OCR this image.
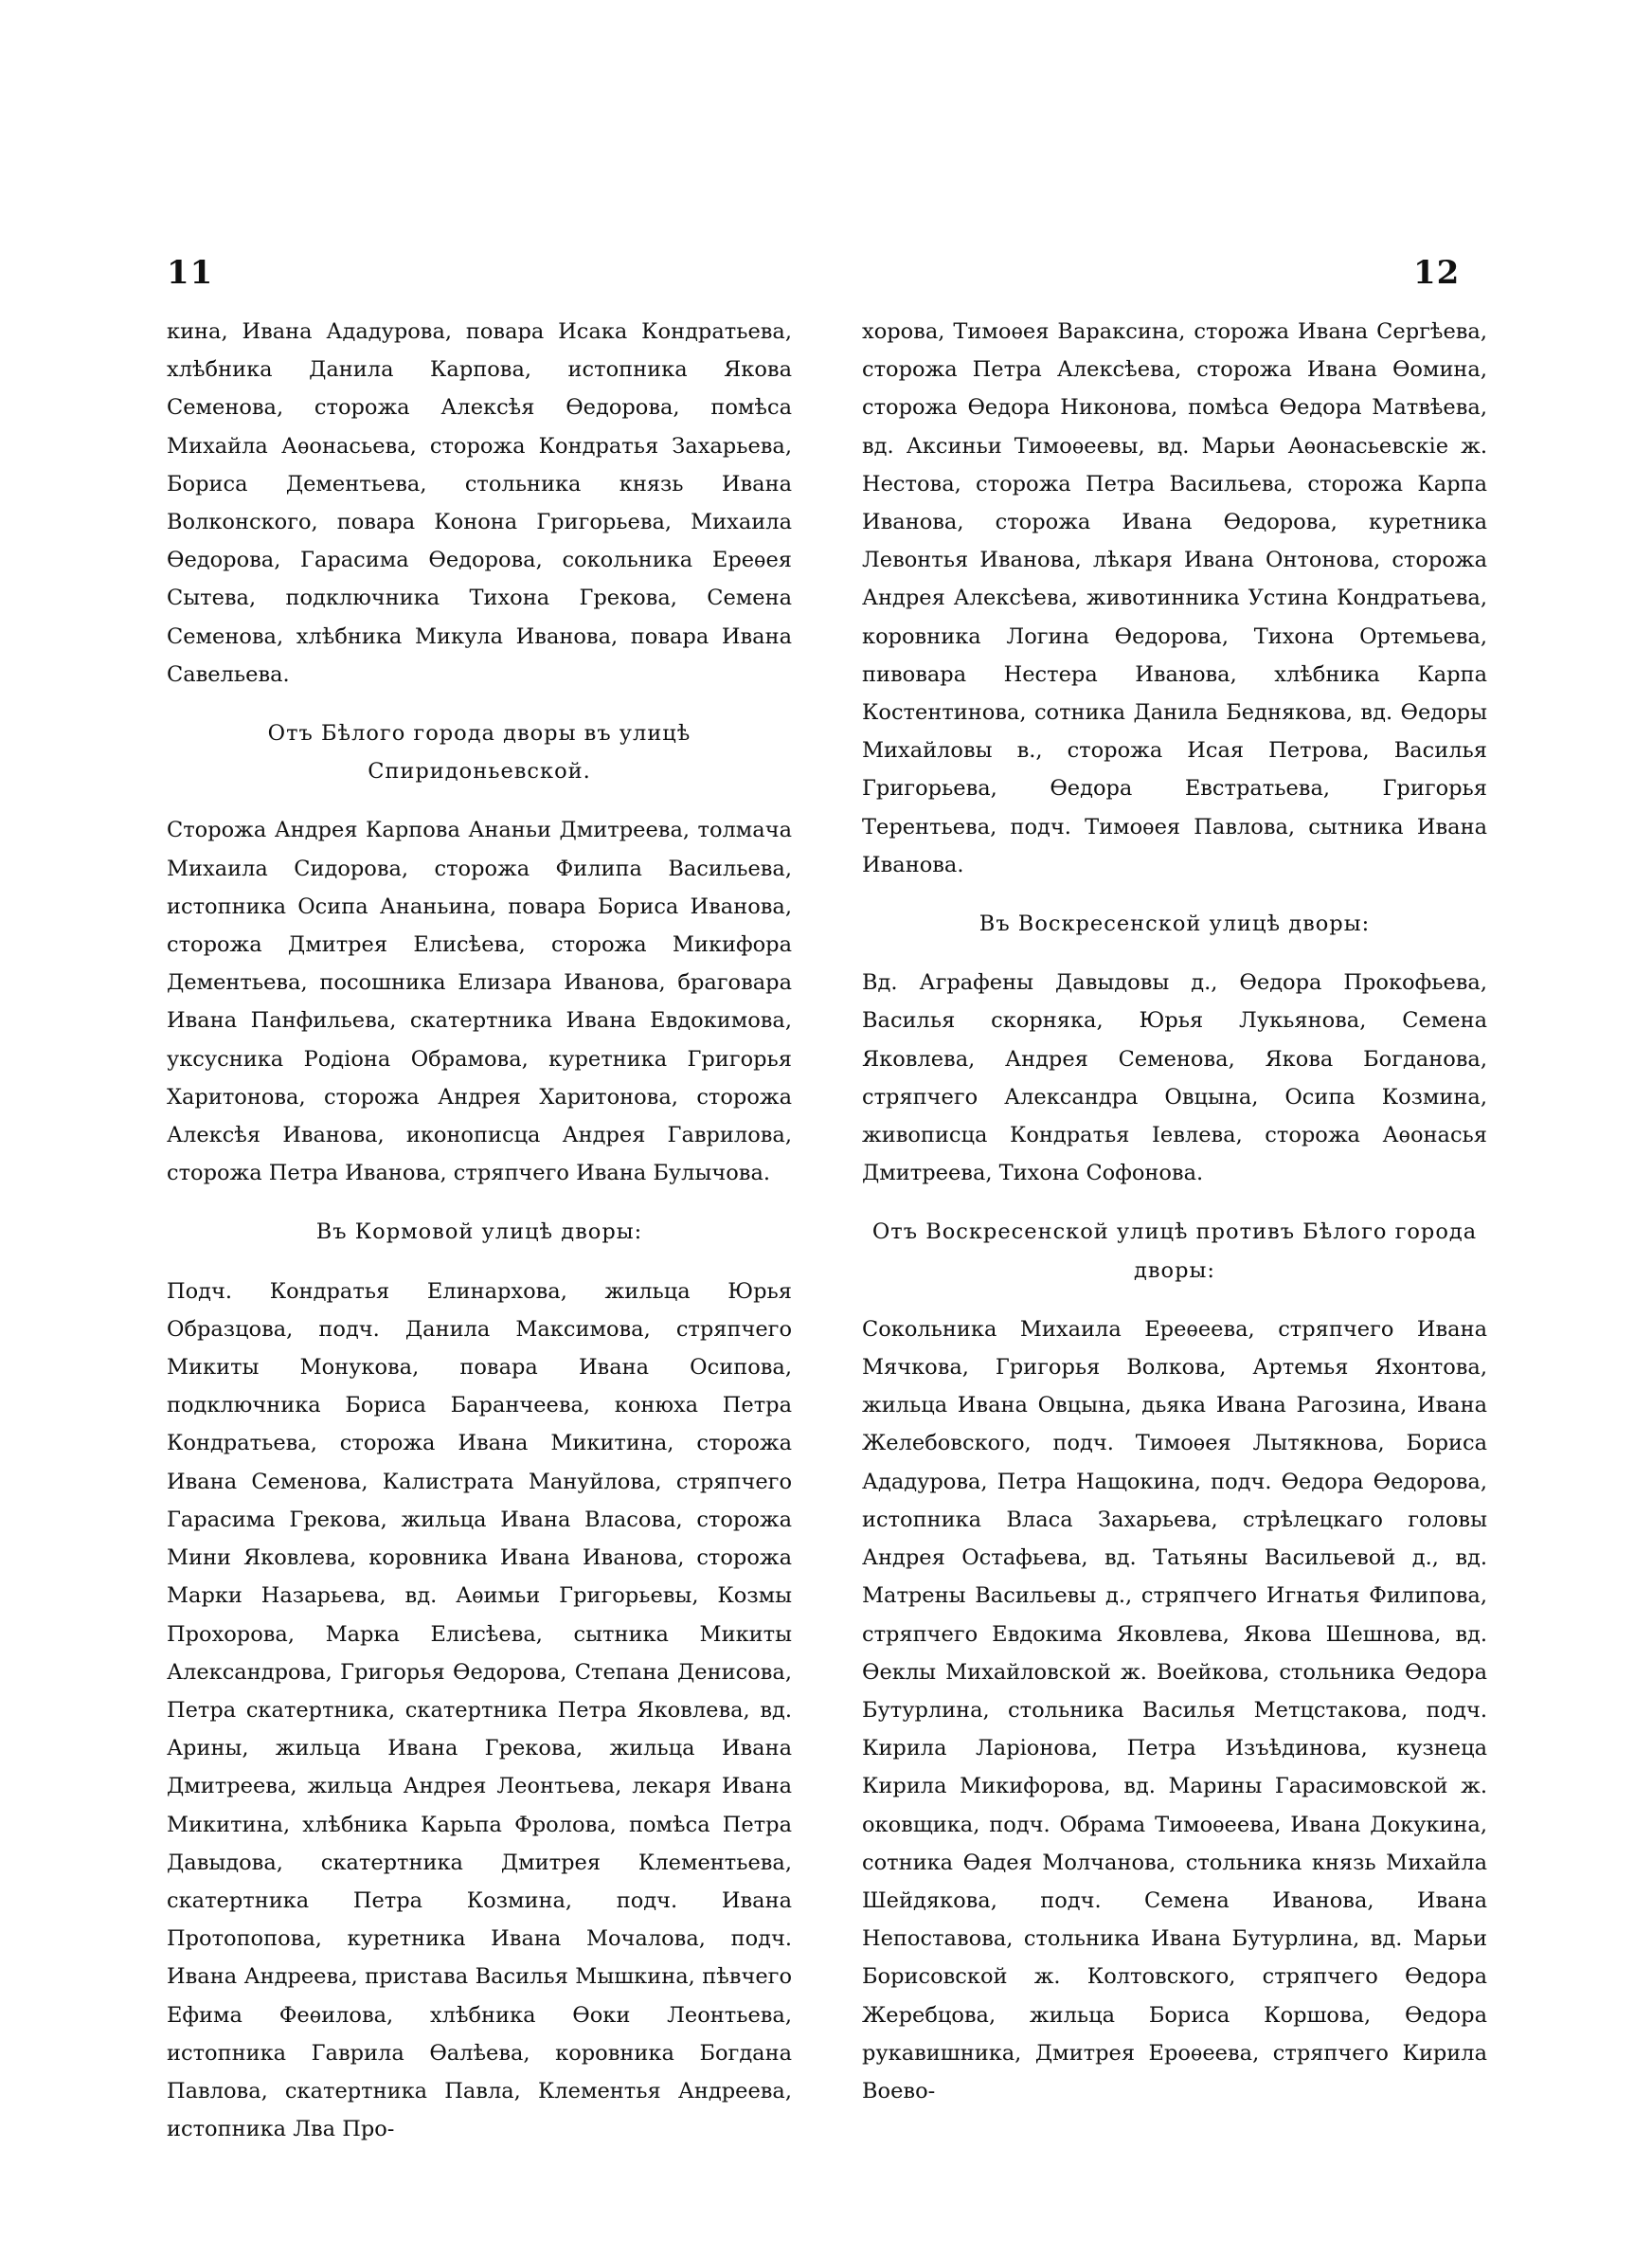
11	12

кина, Ивана Ададурова, повара Исака Кондратьева, хлѣбника Данила Карпова, истопника Якова Семенова, сторожа Алексѣя Ѳедорова, помѣса Михайла Аѳонасьева, сторожа Кондратья Захарьева, Бориса Дементьева, стольника князь Ивана Волконского, повара Конона Григорьева, Михаила Ѳедорова, Гарасима Ѳедорова, сокольника Ереѳея Сытева, подключника Тихона Грекова, Семена Семенова, хлѣбника Микула Иванова, повара Ивана Савельева.

Отъ Бѣлого города дворы въ улицѣ Спиридоньевской.

Сторожа Андрея Карпова Ананьи Дмитреева, толмача Михаила Сидорова, сторожа Филипа Васильева, истопника Осипа Ананьина, повара Бориса Иванова, сторожа Дмитрея Елисѣева, сторожа Микифора Дементьева, посошника Елизара Иванова, браговара Ивана Панфильева, скатертника Ивана Евдокимова, уксусника Родіона Обрамова, куретника Григорья Харитонова, сторожа Андрея Харитонова, сторожа Алексѣя Иванова, иконописца Андрея Гаврилова, сторожа Петра Иванова, стряпчего Ивана Булычова.

Въ Кормовой улицѣ дворы:

Подч. Кондратья Елинархова, жильца Юрья Образцова, подч. Данила Максимова, стряпчего Микиты Монукова, повара Ивана Осипова, подключника Бориса Баранчеева, конюха Петра Кондратьева, сторожа Ивана Микитина, сторожа Ивана Семенова, Калистрата Мануйлова, стряпчего Гарасима Грекова, жильца Ивана Власова, сторожа Мини Яковлева, коровника Ивана Иванова, сторожа Марки Назарьева, вд. Аѳимьи Григорьевы, Козмы Прохорова, Марка Елисѣева, сытника Микиты Александрова, Григорья Ѳедорова, Степана Денисова, Петра скатертника, скатертника Петра Яковлева, вд. Арины, жильца Ивана Грекова, жильца Ивана Дмитреева, жильца Андрея Леонтьева, лекаря Ивана Микитина, хлѣбника Карьпа Фролова, помѣса Петра Давыдова, скатертника Дмитрея Клементьева, скатертника Петра Козмина, подч. Ивана Протопопова, куретника Ивана Мочалова, подч. Ивана Андреева, пристава Василья Мышкина, пѣвчего Ефима Феѳилова, хлѣбника Ѳоки Леонтьева, истопника Гаврила Ѳалѣева, коровника Богдана Павлова, скатертника Павла, Клементья Андреева, истопника Лва Про-

хорова, Тимоѳея Вараксина, сторожа Ивана Сергѣева, сторожа Петра Алексѣева, сторожа Ивана Ѳомина, сторожа Ѳедора Никонова, помѣса Ѳедора Матвѣева, вд. Аксиньи Тимоѳеевы, вд. Марьи Аѳонасьевскіе ж. Нестова, сторожа Петра Васильева, сторожа Карпа Иванова, сторожа Ивана Ѳедорова, куретника Левонтья Иванова, лѣкаря Ивана Онтонова, сторожа Андрея Алексѣева, животинника Устина Кондратьева, коровника Логина Ѳедорова, Тихона Ортемьева, пивовара Нестера Иванова, хлѣбника Карпа Костентинова, сотника Данила Бедняковa, вд. Ѳедоры Михайловы в., сторожа Исая Петрова, Василья Григорьева, Ѳедора Евстратьева, Григорья Терентьева, подч. Тимоѳея Павлова, сытника Ивана Иванова.

Въ Воскресенской улицѣ дворы:

Вд. Аграфены Давыдовы д., Ѳедора Прокофьева, Василья скорняка, Юрья Лукьянова, Семена Яковлева, Андрея Семенова, Якова Богданова, стряпчего Александра Овцына, Осипа Козмина, живописца Кондратья Іевлева, сторожа Аѳонасья Дмитреева, Тихона Софонова.

Отъ Воскресенской улицѣ противъ Бѣлого города дворы:

Сокольника Михаила Ереѳеева, стряпчего Ивана Мячкова, Григорья Волкова, Артемья Яхонтова, жильца Ивана Овцына, дьяка Ивана Рагозина, Ивана Желебовского, подч. Тимоѳея Лытякнова, Бориса Ададурова, Петра Нащокина, подч. Ѳедора Ѳедорова, истопника Власа Захарьева, стрѣлецкаго головы Андрея Остафьева, вд. Татьяны Васильевой д., вд. Матрены Васильевы д., стряпчего Игнатья Филипова, стряпчего Евдокима Яковлева, Якова Шешнова, вд. Ѳеклы Михайловской ж. Воейкова, стольника Ѳедора Бутурлина, стольника Василья Метцстакова, подч. Кирила Ларіонова, Петра Изъѣдинова, кузнеца Кирила Микифорова, вд. Марины Гарасимовской ж. оковщика, подч. Обрама Тимоѳеева, Ивана Докукина, сотника Ѳадея Молчанова, стольника князь Михайла Шейдякова, подч. Семена Иванова, Ивана Непоставова, стольника Ивана Бутурлина, вд. Марьи Борисовской ж. Колтовского, стряпчего Ѳедора Жеребцова, жильца Бориса Коршова, Ѳедора рукавишника, Дмитрея Ероѳеева, стряпчего Кирила Воево-
